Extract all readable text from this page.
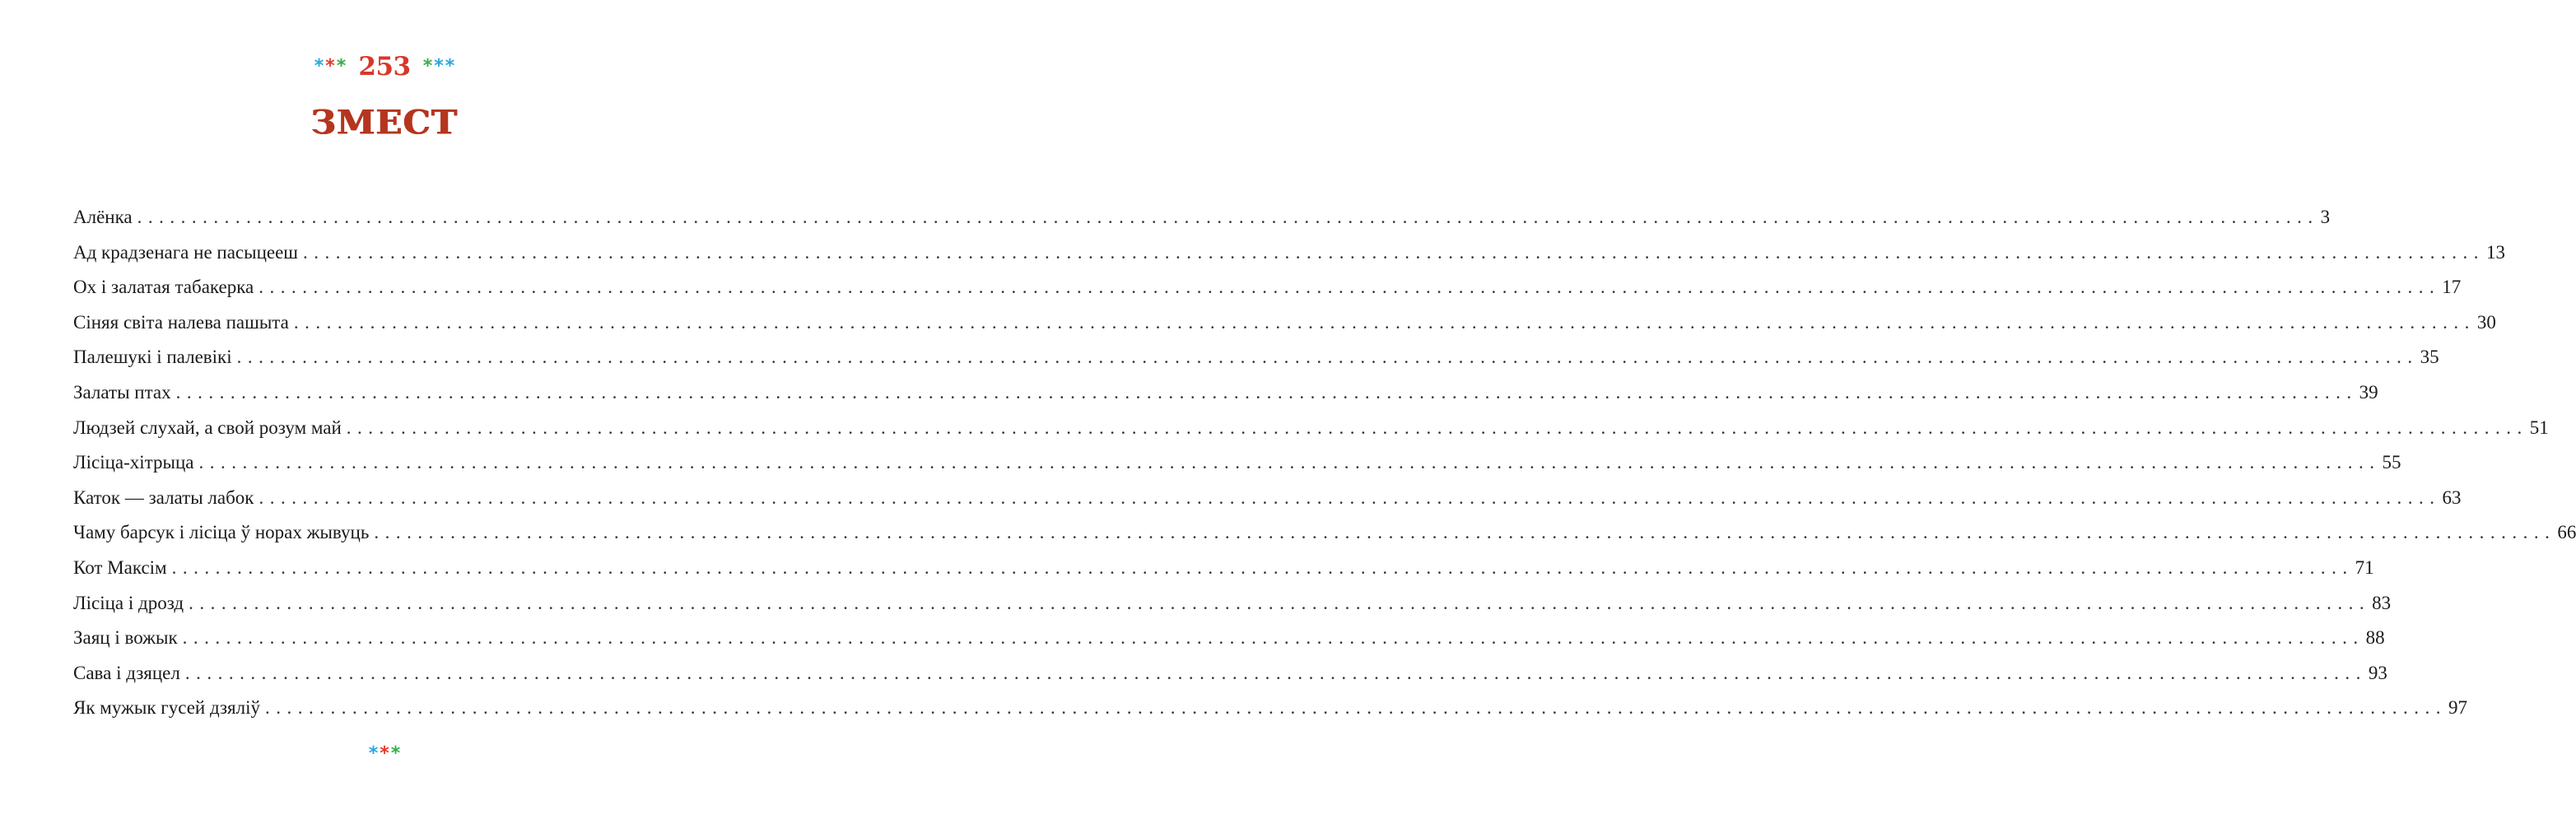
*** 253 ***
ЗМЕСТ
Алёнка ........................................................................................................................................................................................................ 3
Ад крадзенага не пасыцееш ........................................................................................................................................................................................................ 13
Ох і залатая табакерка ........................................................................................................................................................................................................ 17
Сіняя світа налева пашыта ........................................................................................................................................................................................................ 30
Палешукі і палевікі ........................................................................................................................................................................................................ 35
Залаты птах ........................................................................................................................................................................................................ 39
Людзей слухай, а свой розум май ........................................................................................................................................................................................................ 51
Лісіца-хітрыца ........................................................................................................................................................................................................ 55
Каток — залаты лабок ........................................................................................................................................................................................................ 63
Чаму барсук і лісіца ў норах жывуць ........................................................................................................................................................................................................ 66
Кот Максім ........................................................................................................................................................................................................ 71
Лісіца і дрозд ........................................................................................................................................................................................................ 83
Заяц і вожык ........................................................................................................................................................................................................ 88
Сава і дзяцел ........................................................................................................................................................................................................ 93
Як мужык гусей дзяліў ........................................................................................................................................................................................................ 97
***
